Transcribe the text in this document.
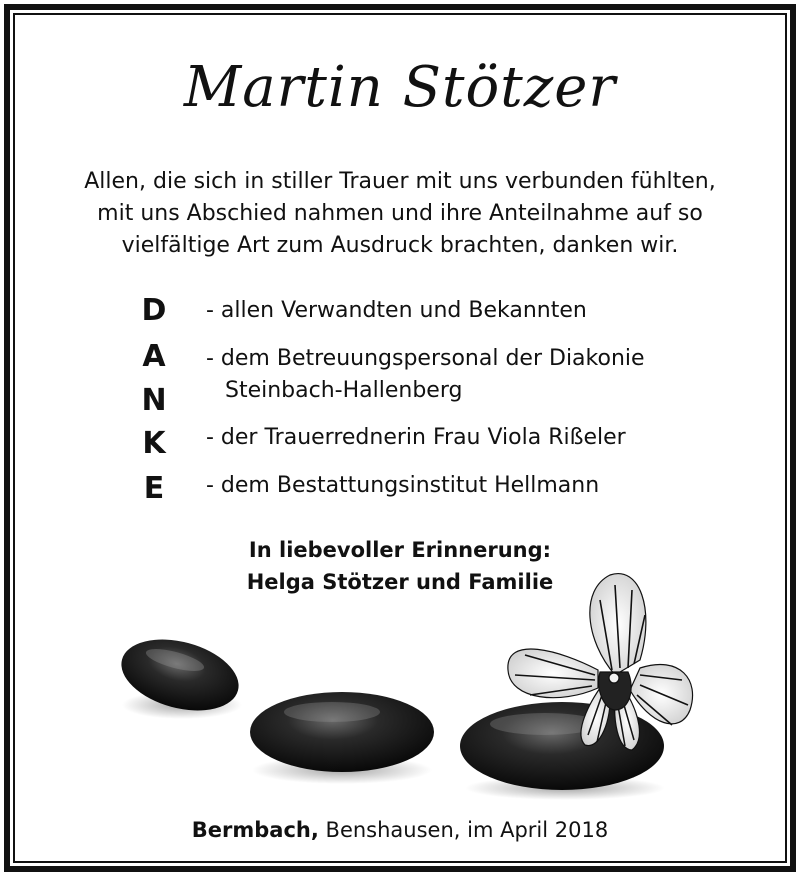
Martin Stötzer

Allen, die sich in stiller Trauer mit uns verbunden fühlten,
mit uns Abschied nahmen und ihre Anteilnahme auf so
vielfältige Art zum Ausdruck brachten, danken wir.

D
A
N
K
E

- allen Verwandten und Bekannten

- dem Betreuungspersonal der Diakonie
Steinbach-Hallenberg

- der Trauerrednerin Frau Viola Rißeler

- dem Bestattungsinstitut Hellmann

In liebevoller Erinnerung:
Helga Stötzer und Familie
Bermbach, Benshausen, im April 2018
